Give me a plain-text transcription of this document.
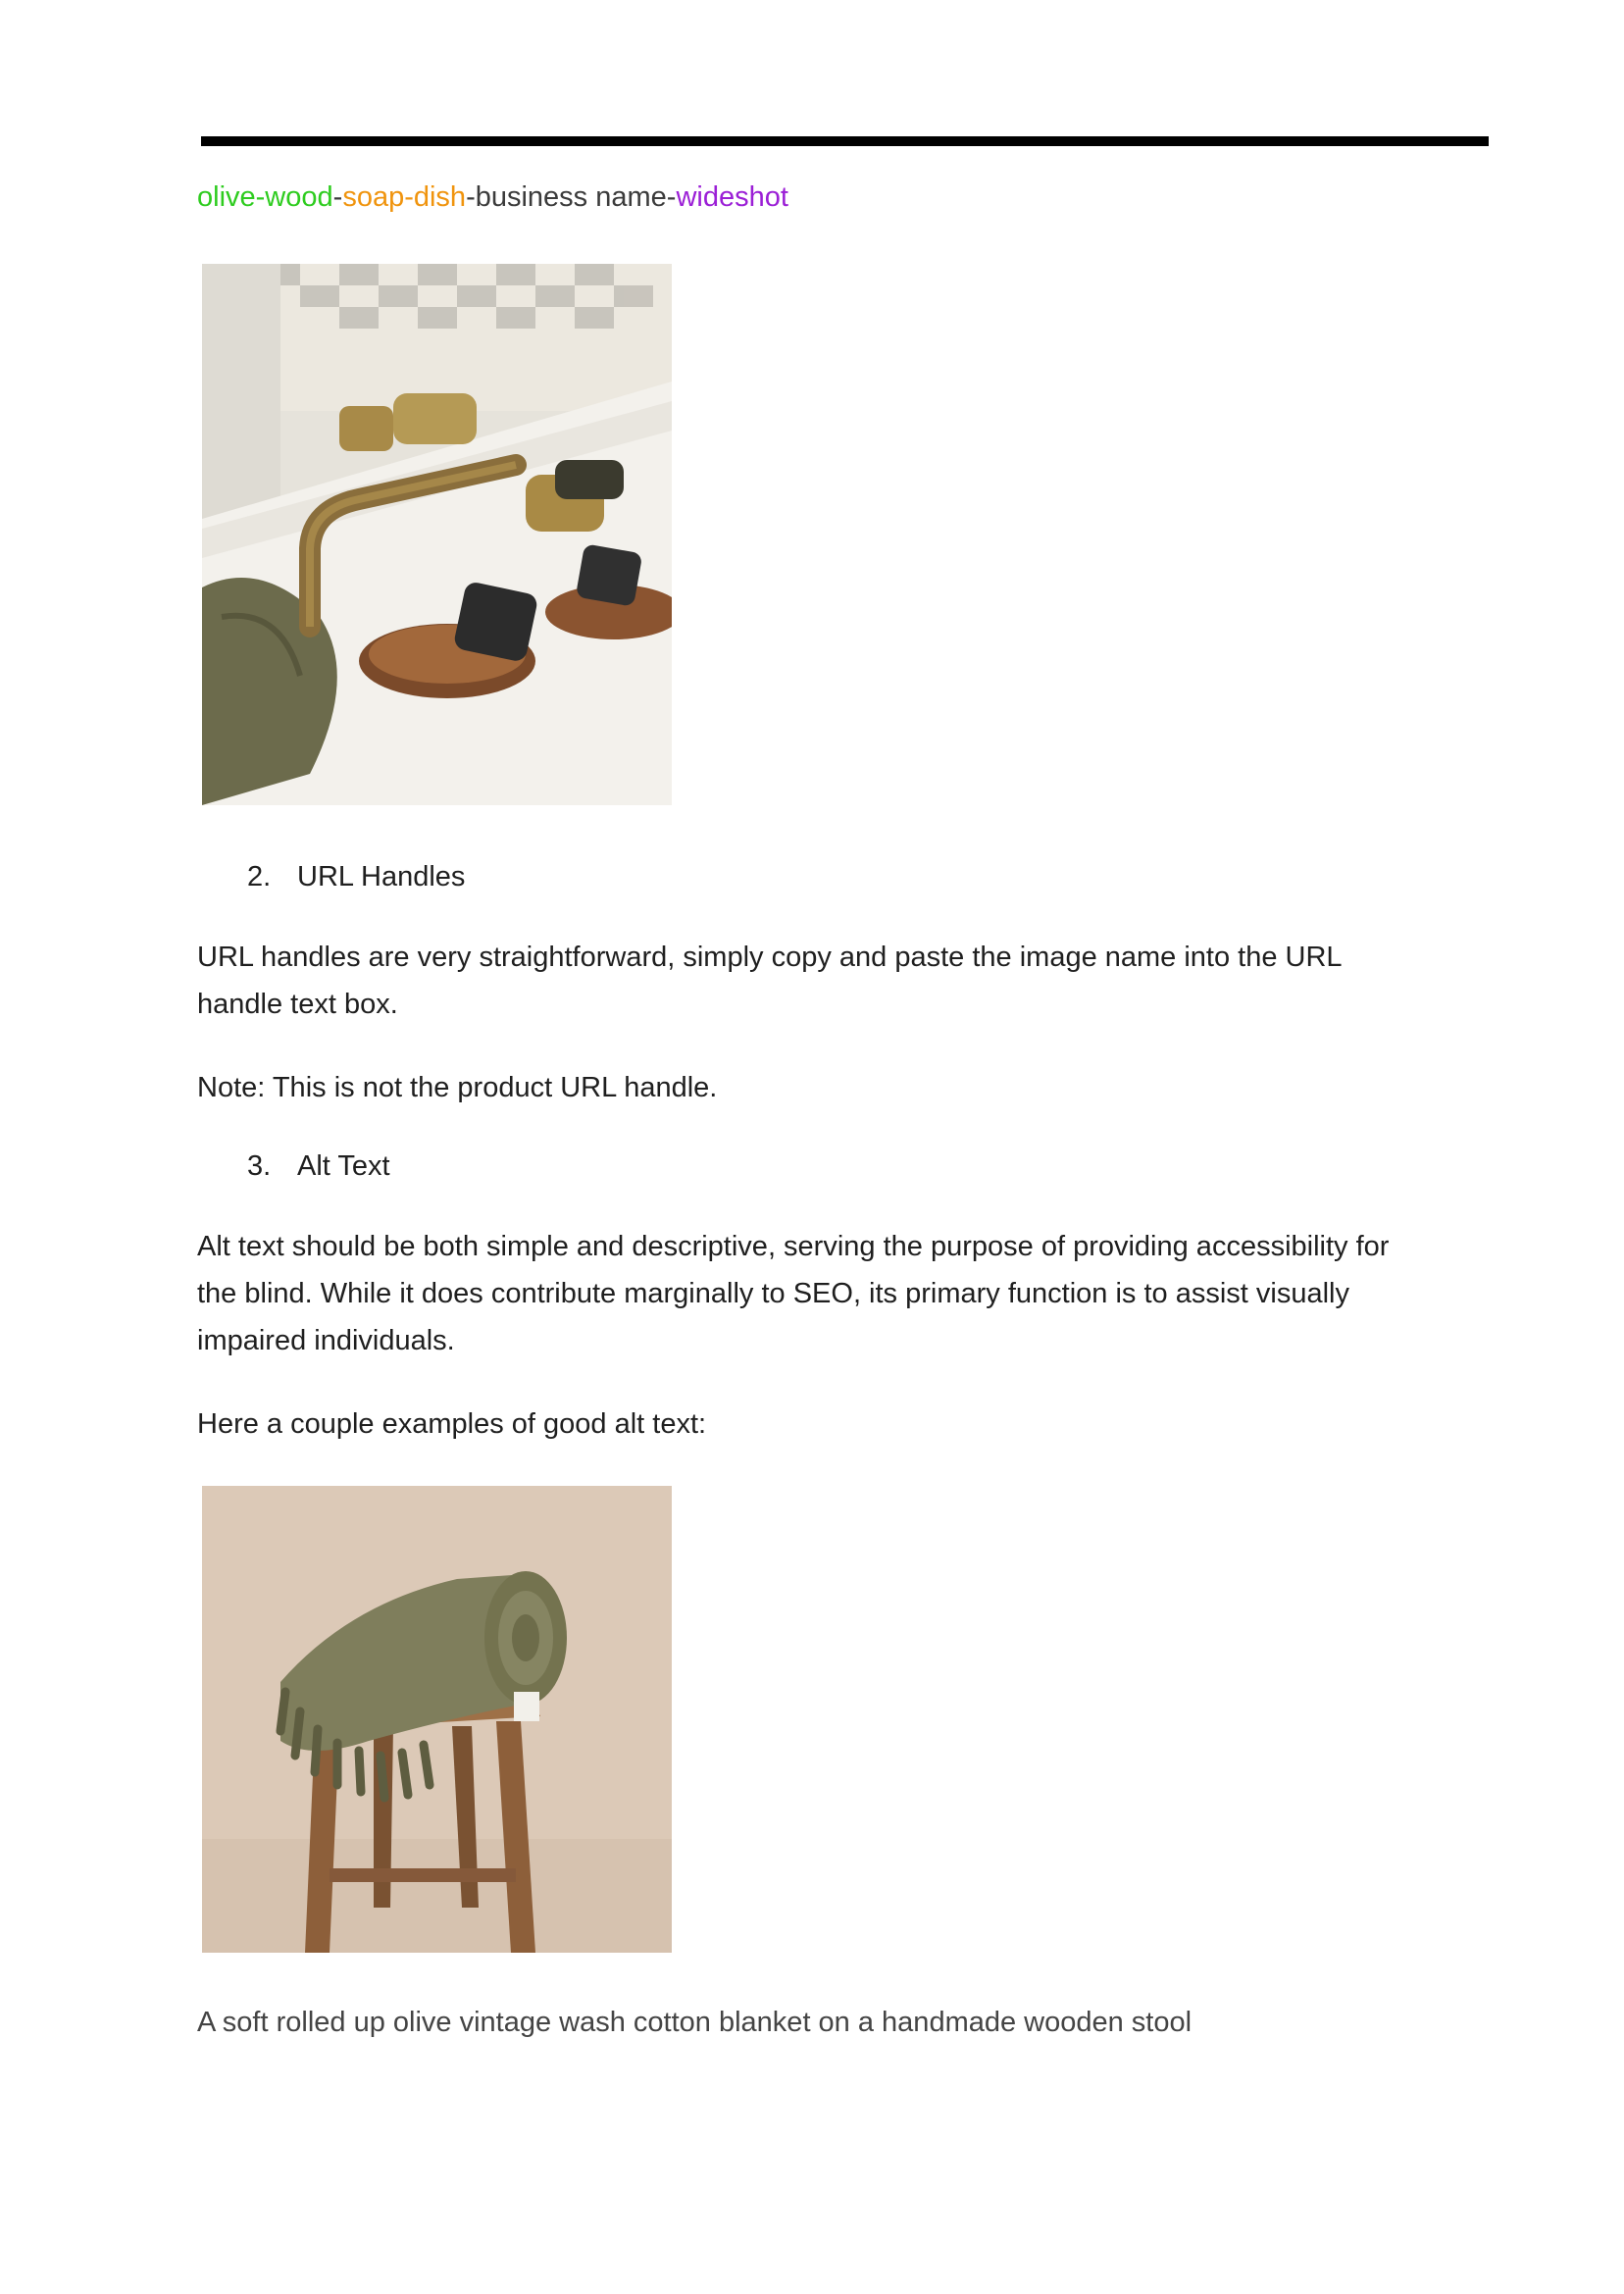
olive-wood-soap-dish-business name-wideshot
2. URL Handles
URL handles are very straightforward, simply copy and paste the image name into the URL handle text box.
Note: This is not the product URL handle.
3. Alt Text
Alt text should be both simple and descriptive, serving the purpose of providing accessibility for the blind. While it does contribute marginally to SEO, its primary function is to assist visually impaired individuals.
Here a couple examples of good alt text:
A soft rolled up olive vintage wash cotton blanket on a handmade wooden stool
